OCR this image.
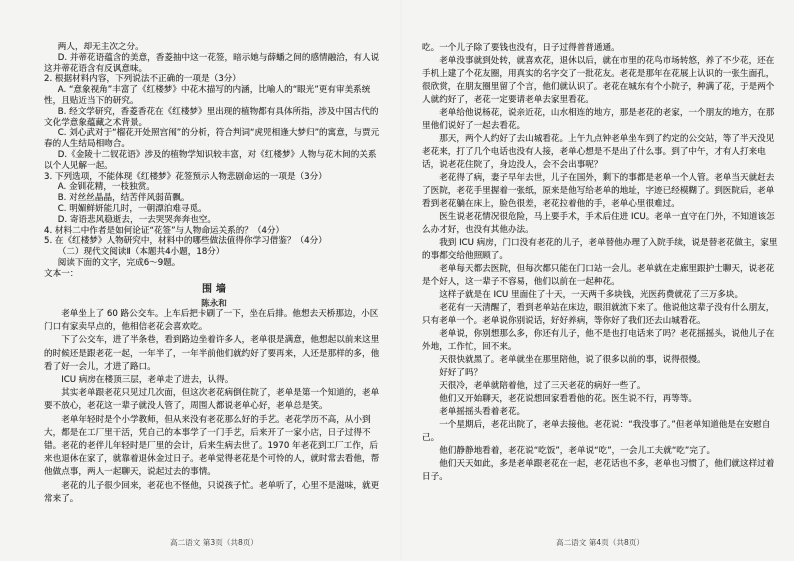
两人，却无主次之分。

D. 并蒂花语蕴含的美意，香菱抽中这一花签，暗示她与薛蟠之间的感情融洽，有人说这并蒂花语含有反讽意味。

2. 根据材料内容，下列说法不正确的一项是（3分）

A. “意象视角”丰富了《红楼梦》中花木描写的内涵，比喻人的“眼光”更有审美系统性，且贴近当下的研究。

B. 经文学研究，香菱香花在《红楼梦》里出现的植物都有具体所指，涉及中国古代的文化学意象蕴藏之术背景。

C. 刘心武对于“榴花开处照宫闱”的分析，符合判词“虎兕相逢大梦归”的寓意，与贾元春的人生结局相吻合。

D.《金陵十二钗花语》涉及的植物学知识较丰富，对《红楼梦》人物与花木间的关系以个人见解一起。

3. 下列选项，不能体现《红楼梦》花签预示人物悲剧命运的一项是（3分）

A. 金钏花精，一枝独赏。

B. 对丝丝晶晶，结苦伴风弱苗飘。

C. 明媚鲜妍能几时，一朝漂泊难寻觅。

D. 寄语悲风稳逝去，一去哭哭奔奔也空。

4. 材料二中作者是如何论证“花签”与人物命运关系的？（4分）

5. 在《红楼梦》人物研究中，材料中的哪些做法值得你学习借鉴？（4分）

（二）现代文阅读Ⅱ（本题共4小题，18分）

阅读下面的文字，完成6～9题。

文本一：

围 墙
陈永和

老单坐上了 60 路公交车。上车后把卡刷了一下，坐在后排。他想去天桥那边，小区门口有家卖早点的，他相信老花会喜欢吃。

下了公交车，进了半条巷，看到路边坐着许多人，老单很是满意，他想起以前来这里的时候还是跟老花一起，一年半了，一年半前他们就约好了要再来，人还是那样的多，他看了好一会儿，才进了路口。

ICU 病房在楼顶三层，老单走了进去，认得。

其实老单跟老花只见过几次面，但这次老花病倒住院了，老单是第一个知道的，老单要不放心，老花这一辈子就没人管了，周围人都说老单心好，老单总是笑。

老单年轻时是个小学教师，但从来没有老花那么好的手艺。老花学历不高，从小到大，都是在工厂里干活，凭自己的本事学了一门手艺，后来开了一家小店，日子过得不错。老花的老伴儿年轻时是厂里的会计，后来生病去世了。1970 年老花到工厂工作，后来也退休在家了，就靠着退休金过日子。老单觉得老花是个可怜的人，就时常去看他，帮他做点事，两人一起聊天，说起过去的事情。

老花的儿子很少回来，老花也不怪他，只说孩子忙。老单听了，心里不是滋味，就更常来了。

吃。一个儿子除了要钱也没有，日子过得普普通通。

老单没事就到处转，就喜欢花，退休以后，就在市里的花鸟市场转悠，养了不少花，还在手机上建了个花友圈，用真实的名字交了一批花友。老花是那年在花展上认识的一张生面孔，很欣赏，在朋友圈里留了个言，他们就认识了。老花在城东有个小院子，种满了花，于是两个人就约好了，老花一定要请老单去家里看花。

老单给他说杨花，说亲近花，山水相连的地方，那是老花的老家，一个朋友的地方，在那里他们说好了一起去看花。

那天，两个人约好了去山城看花。上午九点钟老单坐车到了约定的公交站，等了半天没见老花来，打了几个电话也没有人接，老单心想是不是出了什么事。到了中午，才有人打来电话，说老花住院了，身边没人，会不会出事呢？

老花得了病，妻子早年去世，儿子在国外，剩下的事都是老单一个人管。老单当天就赶去了医院，老花手里握着一张纸，原来是他写给老单的地址，字迹已经模糊了。到医院后，老单看到老花躺在床上，脸色很差，老花拉着他的手，老单心里很难过。

医生说老花情况很危险，马上要手术，手术后住进 ICU。老单一直守在门外，不知道该怎么办才好，也没有其他办法。

我到 ICU 病房，门口没有老花的儿子，老单替他办理了入院手续，说是替老花做主，家里的事都交给他照顾了。

老单每天都去医院，但每次都只能在门口站一会儿。老单就在走廊里跟护士聊天，说老花是个好人，这一辈子不容易，他们以前在一起种花。

这样子就是在 ICU 里面住了十天，一天两千多块钱，光医药费就花了三万多块。

老花有一天清醒了，看到老单站在床边，眼泪就流下来了。他说他这辈子没有什么朋友，只有老单一个。老单说你别说话，好好养病，等你好了我们还去山城看花。

老单说，你别想那么多，你还有儿子，他不是也打电话来了吗？老花摇摇头，说他儿子在外地，工作忙，回不来。

天很快就黑了。老单就坐在那里陪他，说了很多以前的事，说得很慢。

好好了吗？

天很冷，老单就陪着他，过了三天老花的病好一些了。

他们又开始聊天，老花说想回家看看他的花。医生说不行，再等等。

老单摇摇头看着老花。

一个星期后，老花出院了，老单去接他。老花说：“我没事了。”但老单知道他是在安慰自己。

他们静静地看着，老花说“吃饭”，老单说“吃”，一会儿工夫就“吃”完了。

他们天天如此，多是老单跟老花在一起，老花话也不多，老单也习惯了，他们就这样过着日子。

高二语文 第3页（共8页）	高二语文 第4页（共8页）
